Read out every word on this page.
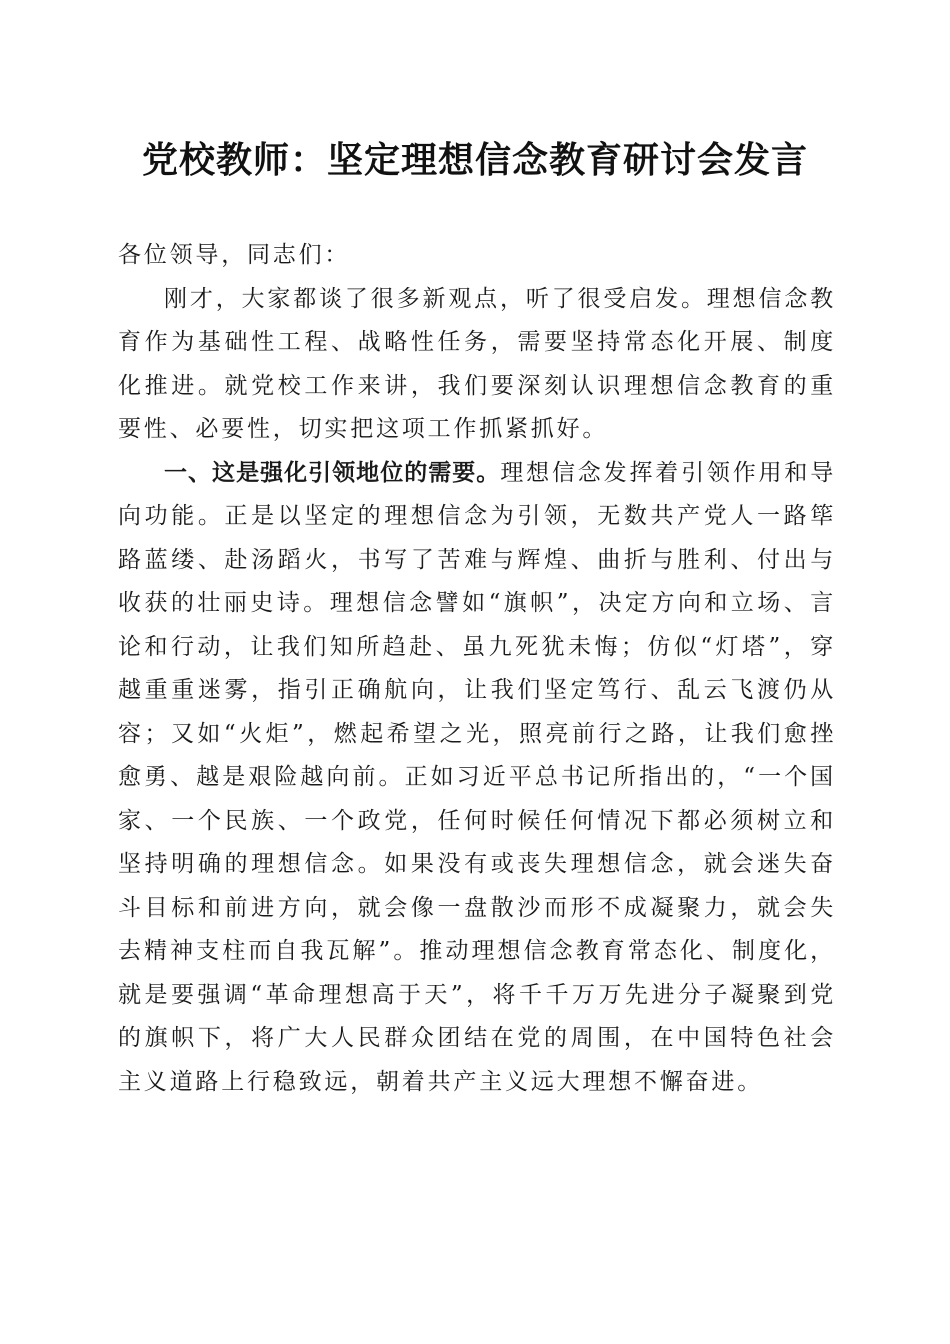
党校教师：坚定理想信念教育研讨会发言

各位领导，同志们：

刚才，大家都谈了很多新观点，听了很受启发。理想信念教育作为基础性工程、战略性任务，需要坚持常态化开展、制度化推进。就党校工作来讲，我们要深刻认识理想信念教育的重要性、必要性，切实把这项工作抓紧抓好。

一、这是强化引领地位的需要。理想信念发挥着引领作用和导向功能。正是以坚定的理想信念为引领，无数共产党人一路筚路蓝缕、赴汤蹈火，书写了苦难与辉煌、曲折与胜利、付出与收获的壮丽史诗。理想信念譬如“旗帜”，决定方向和立场、言论和行动，让我们知所趋赴、虽九死犹未悔；仿似“灯塔”，穿越重重迷雾，指引正确航向，让我们坚定笃行、乱云飞渡仍从容；又如“火炬”，燃起希望之光，照亮前行之路，让我们愈挫愈勇、越是艰险越向前。正如习近平总书记所指出的，“一个国家、一个民族、一个政党，任何时候任何情况下都必须树立和坚持明确的理想信念。如果没有或丧失理想信念，就会迷失奋斗目标和前进方向，就会像一盘散沙而形不成凝聚力，就会失去精神支柱而自我瓦解”。推动理想信念教育常态化、制度化，就是要强调“革命理想高于天”，将千千万万先进分子凝聚到党的旗帜下，将广大人民群众团结在党的周围，在中国特色社会主义道路上行稳致远，朝着共产主义远大理想不懈奋进。
